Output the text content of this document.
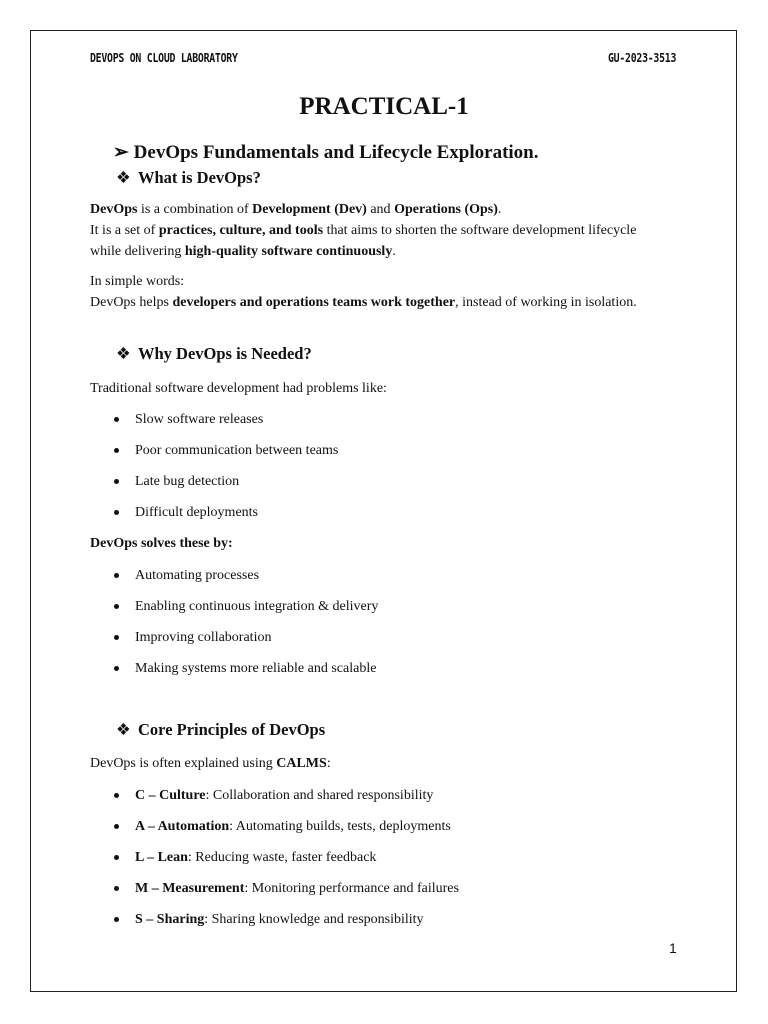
DEVOPS ON CLOUD LABORATORY	GU-2023-3513
PRACTICAL-1
➢ DevOps Fundamentals and Lifecycle Exploration.
❖ What is DevOps?
DevOps is a combination of Development (Dev) and Operations (Ops).
It is a set of practices, culture, and tools that aims to shorten the software development lifecycle while delivering high-quality software continuously.
In simple words:
DevOps helps developers and operations teams work together, instead of working in isolation.
❖ Why DevOps is Needed?
Traditional software development had problems like:
Slow software releases
Poor communication between teams
Late bug detection
Difficult deployments
DevOps solves these by:
Automating processes
Enabling continuous integration & delivery
Improving collaboration
Making systems more reliable and scalable
❖ Core Principles of DevOps
DevOps is often explained using CALMS:
C – Culture: Collaboration and shared responsibility
A – Automation: Automating builds, tests, deployments
L – Lean: Reducing waste, faster feedback
M – Measurement: Monitoring performance and failures
S – Sharing: Sharing knowledge and responsibility
1
